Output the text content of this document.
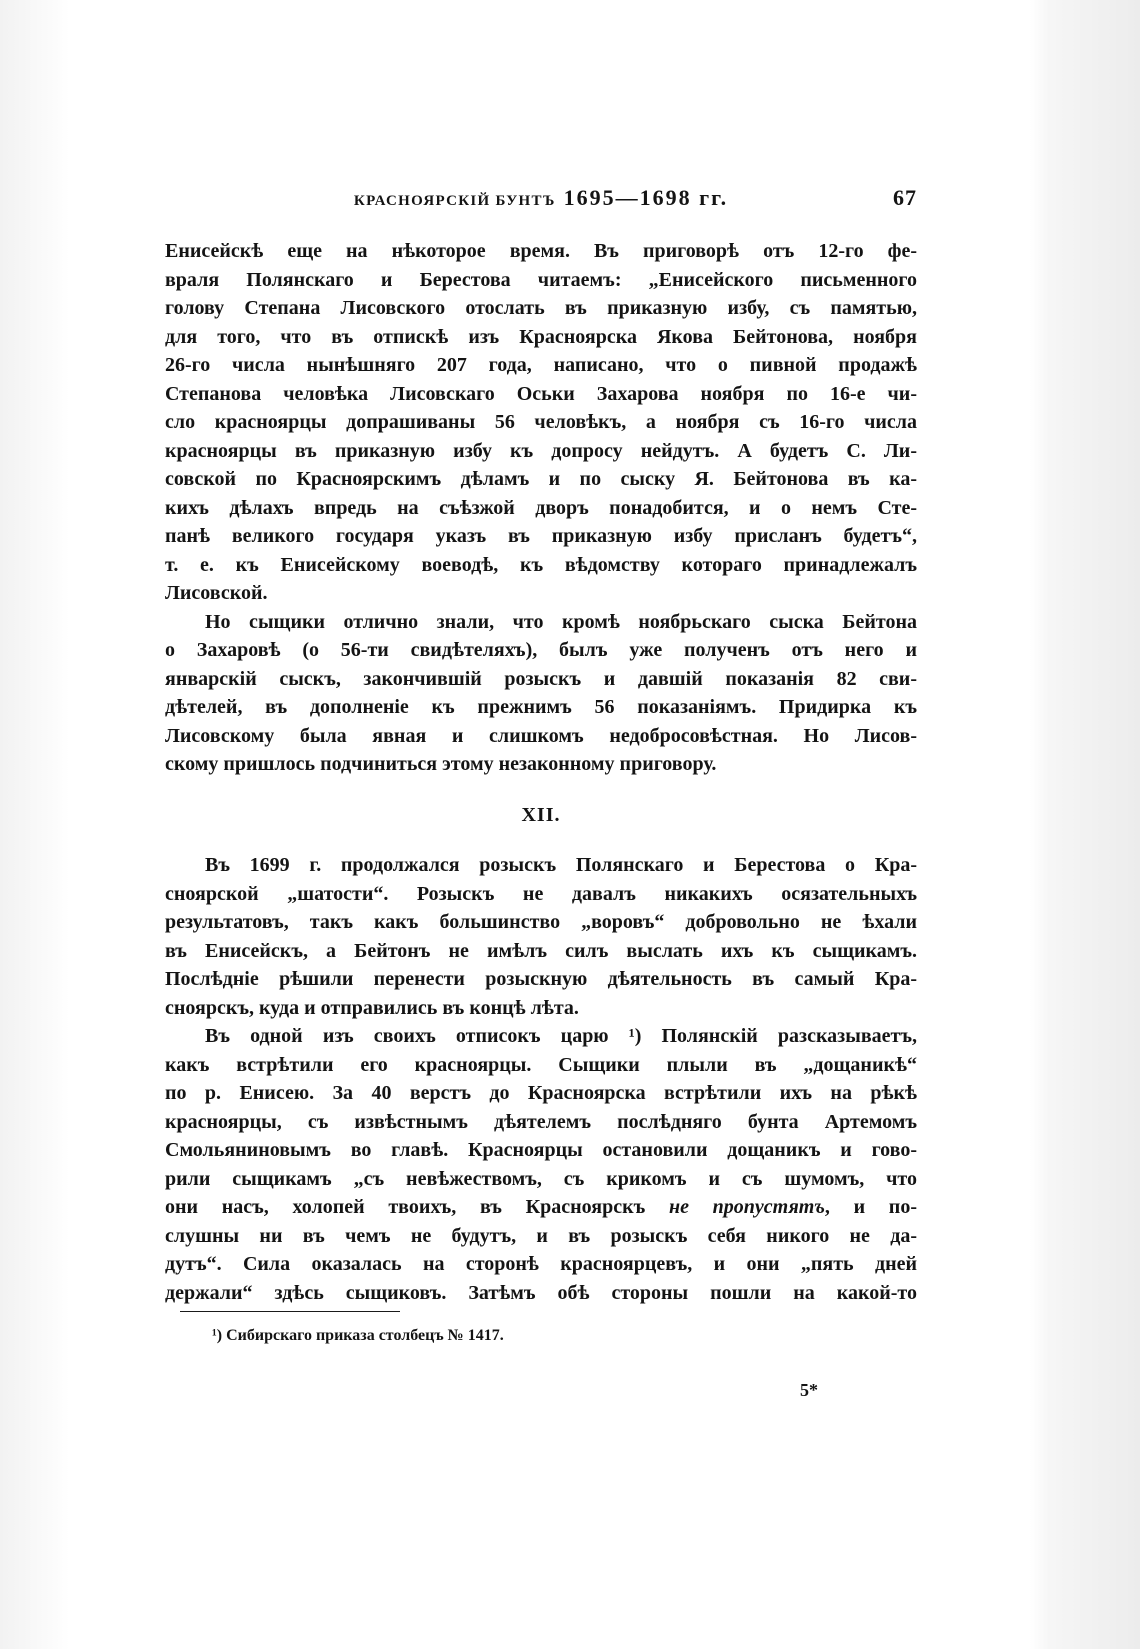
КРАСНОЯРСКІЙ БУНТЪ 1695—1698 гг.	67
Енисейскѣ еще на нѣкоторое время. Въ приговорѣ отъ 12-го фе-
враля Полянскаго и Берестова читаемъ: „Енисейского письменного
голову Степана Лисовского отослать въ приказную избу, съ памятью,
для того, что въ отпискѣ изъ Красноярска Якова Бейтонова, ноября
26-го числа нынѣшняго 207 года, написано, что о пивной продажѣ
Степанова человѣка Лисовскаго Оськи Захарова ноября по 16-е чи-
сло красноярцы допрашиваны 56 человѣкъ, а ноября съ 16-го числа
красноярцы въ приказную избу къ допросу нейдутъ. А будетъ С. Ли-
совской по Красноярскимъ дѣламъ и по сыску Я. Бейтонова въ ка-
кихъ дѣлахъ впредь на съѣзжой дворъ понадобится, и о немъ Сте-
панѣ великого государя указъ въ приказную избу присланъ будетъ“,
т. е. къ Енисейскому воеводѣ, къ вѣдомству котораго принадлежалъ
Лисовской.
Но сыщики отлично знали, что кромѣ ноябрьскаго сыска Бейтона
о Захаровѣ (о 56-ти свидѣтеляхъ), былъ уже полученъ отъ него и
январскій сыскъ, закончившій розыскъ и давшій показанія 82 сви-
дѣтелей, въ дополненіе къ прежнимъ 56 показаніямъ. Придирка къ
Лисовскому была явная и слишкомъ недобросовѣстная. Но Лисов-
скому пришлось подчиниться этому незаконному приговору.
XII.
Въ 1699 г. продолжался розыскъ Полянскаго и Берестова о Кра-
сноярской „шатости“. Розыскъ не давалъ никакихъ осязательныхъ
результатовъ, такъ какъ большинство „воровъ“ добровольно не ѣхали
въ Енисейскъ, а Бейтонъ не имѣлъ силъ выслать ихъ къ сыщикамъ.
Послѣдніе рѣшили перенести розыскную дѣятельность въ самый Кра-
сноярскъ, куда и отправились въ концѣ лѣта.
Въ одной изъ своихъ отписокъ царю ¹) Полянскій разсказываетъ,
какъ встрѣтили его красноярцы. Сыщики плыли въ „дощаникѣ“
по р. Енисею. За 40 верстъ до Красноярска встрѣтили ихъ на рѣкѣ
красноярцы, съ извѣстнымъ дѣятелемъ послѣдняго бунта Артемомъ
Смольяниновымъ во главѣ. Красноярцы остановили дощаникъ и гово-
рили сыщикамъ „съ невѣжествомъ, съ крикомъ и съ шумомъ, что
они насъ, холопей твоихъ, въ Красноярскъ не пропустятъ, и по-
слушны ни въ чемъ не будутъ, и въ розыскъ себя никого не да-
дутъ“. Сила оказалась на сторонѣ красноярцевъ, и они „пять дней
держали“ здѣсь сыщиковъ. Затѣмъ обѣ стороны пошли на какой-то
¹) Сибирскаго приказа столбецъ № 1417.
5*
